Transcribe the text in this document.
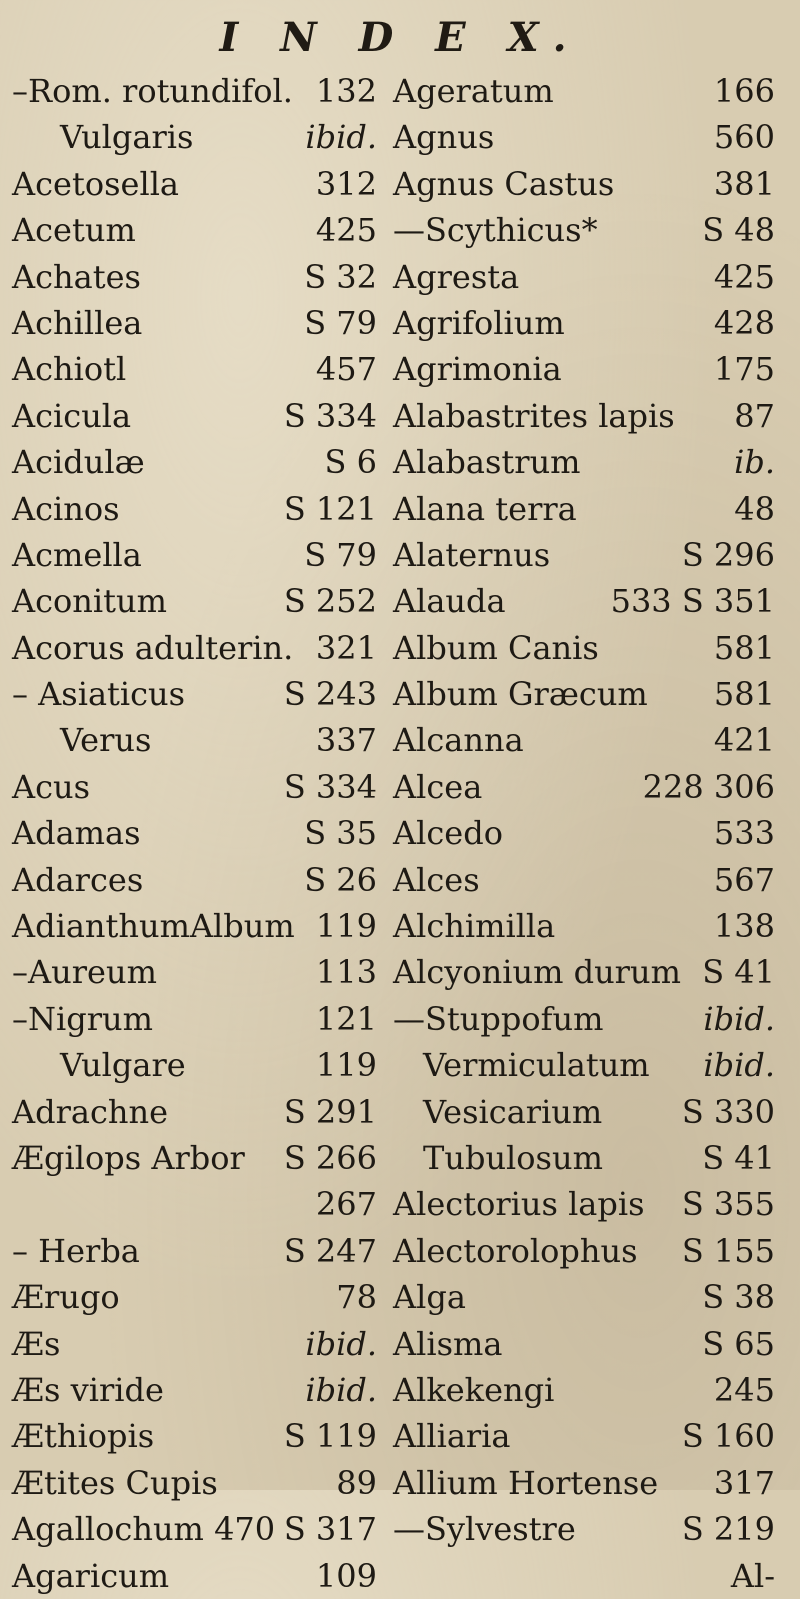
I N D E X.
–Rom. rotundifol. 132
Vulgaris	ibid.
Acetosella	312
Acetum	425
Achates	S 32
Achillea	S 79
Achiotl	457
Acicula	S 334
Acidulæ	S 6
Acinos	S 121
Acmella	S 79
Aconitum	S 252
Acorus adulterin. 321
– Asiaticus	S 243
Verus	337
Acus	S 334
Adamas	S 35
Adarces	S 26
AdianthumAlbum 119
–Aureum	113
–Nigrum	121
Vulgare	119
Adrachne	S 291
Ægilops Arbor S 266
267
– Herba	S 247
Ærugo	78
Æs	ibid.
Æs viride	ibid.
Æthiopis	S 119
Ætites Cupis	89
Agallochum 470 S 317
Agaricum	109
Ageratum	166
Agnus	560
Agnus Castus	381
—Scythicus*	S 48
Agresta	425
Agrifolium	428
Agrimonia	175
Alabastrites lapis 87
Alabastrum	ib.
Alana terra	48
Alaternus	S 296
Alauda	533 S 351
Album Canis	581
Album Græcum 581
Alcanna	421
Alcea	228 306
Alcedo	533
Alces	567
Alchimilla	138
Alcyonium durum S 41
—Stuppofum	ibid.
Vermiculatum ibid.
Vesicarium S 330
Tubulosum	S 41
Alectorius lapis S 355
Alectorolophus S 155
Alga	S 38
Alisma	S 65
Alkekengi	245
Alliaria	S 160
Allium Hortense 317
—Sylvestre	S 219
Al-
